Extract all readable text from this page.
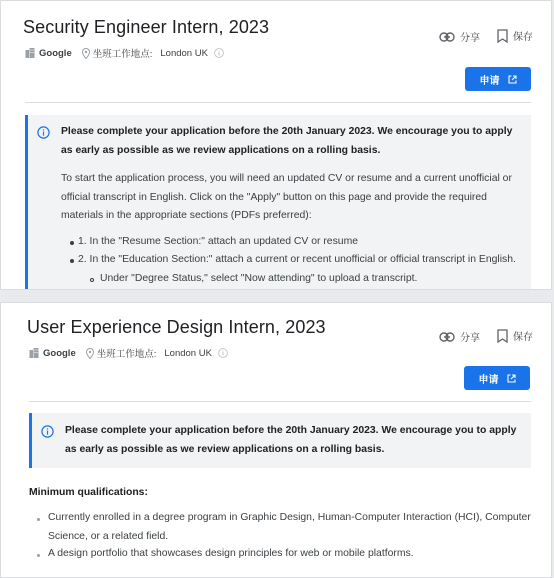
Security Engineer Intern, 2023
Google 坐班工作地点: London UK
分享	保存
申请
Please complete your application before the 20th January 2023. We encourage you to apply as early as possible as we review applications on a rolling basis.
To start the application process, you will need an updated CV or resume and a current unofficial or official transcript in English. Click on the "Apply" button on this page and provide the required materials in the appropriate sections (PDFs preferred):
1. In the "Resume Section:" attach an updated CV or resume
2. In the "Education Section:" attach a current or recent unofficial or official transcript in English.
Under "Degree Status," select "Now attending" to upload a transcript.
User Experience Design Intern, 2023
Google 坐班工作地点: London UK
分享	保存
申请
Please complete your application before the 20th January 2023. We encourage you to apply as early as possible as we review applications on a rolling basis.
Minimum qualifications:
Currently enrolled in a degree program in Graphic Design, Human-Computer Interaction (HCI), Computer Science, or a related field.
A design portfolio that showcases design principles for web or mobile platforms.
